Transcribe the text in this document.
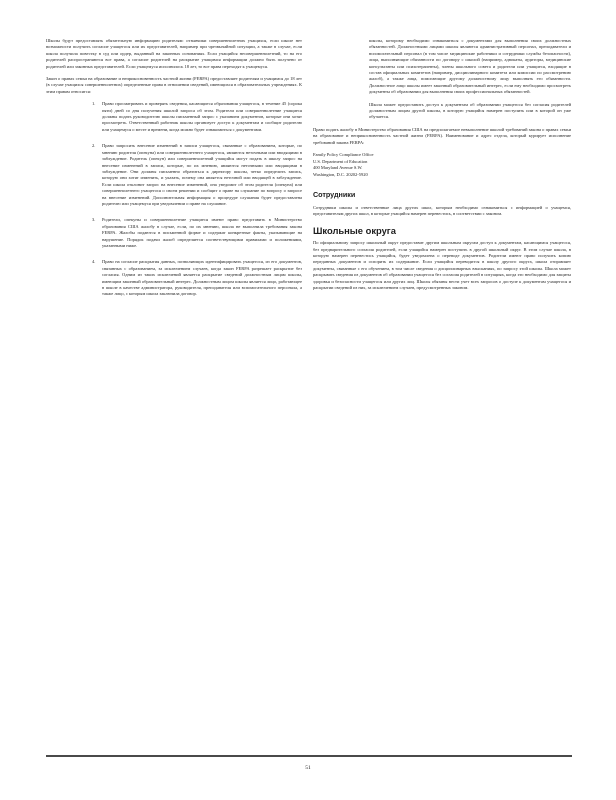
Школы будут предоставлять обязательную информацию родителям: отзывчики совершеннолетних учащихся, если школе нет возможности получить согласие учащегося или их представителей, например при чрезвычайной ситуации, а также в случае, если школа получила повестку в суд или ордер, выданный на законных основаниях. Если учащийся несовершеннолетний, то на его родителей распространяются все права, а согласие родителей на раскрытие учащимся информации должно быть получено от родителей или законных представителей. Если учащемуся исполнилось 18 лет, то все права переходят к учащемуся.

Закон о правах семьи на образование и неприкосновенность частной жизни (FERPA) предоставляет родителям и учащимся до 18 лет (в случае учащихся совершеннолетних) определенные права в отношении сведений, имеющихся в образовательных учреждениях. К этим правам относятся:

1. Право просматривать и проверять сведения, касающиеся образования учащегося, в течение 45 (сорока пяти) дней со дня получения школой запроса об этом. Родители или совершеннолетние учащиеся должны подать руководителю школы письменный запрос с указанием документов, которые они хотят просмотреть. Ответственный работник школы организует доступ к документам и сообщит родителю или учащемуся о месте и времени, когда можно будет ознакомиться с документами.
2. Право запросить внесение изменений в записи учащегося, связанные с образованием, которые, по мнению родителя (опекуна) или совершеннолетнего учащегося, являются неточными или вводящими в заблуждение. Родитель (опекун) или совершеннолетний учащийся могут подать в школу запрос на внесение изменений в записи, которые, по их мнению, являются неточными или вводящими в заблуждение. Они должны письменно обратиться к директору школы, четко определить запись, которую они хотят изменить, и указать, почему она является неточной или вводящей в заблуждение. Если школа отклонит запрос на внесение изменений, она уведомит об этом родителя (опекуна) или совершеннолетнего учащегося о своем решении и сообщит о праве на слушание по вопросу о запросе на внесение изменений. Дополнительная информация о процедуре слушания будет предоставлена родителю или учащемуся при уведомлении о праве на слушание.
3. Родители, опекуны и совершеннолетние учащиеся имеют право представить в Министерство образования США жалобу в случае, если, по их мнению, школа не выполнила требования закона FERPA. Жалобы подаются в письменной форме и содержат конкретные факты, указывающие на нарушение. Порядок подачи жалоб определяется соответствующими правилами и положениями, указанными ниже.
4. Право на согласие раскрытия данных, позволяющих идентифицировать учащегося, из его документов, связанных с образованием, за исключением случаев, когда закон FERPA разрешает раскрытие без согласия. Одним из таких исключений является раскрытие сведений должностным лицам школы, имеющим законный образовательный интерес. Должностным лицом школы является лицо, работающее в школе в качестве администратора, руководителя, преподавателя или вспомогательного персонала, а также лицо, с которым школа заключила договор.

школы, которому необходимо ознакомиться с документами для выполнения своих должностных обязанностей. Должностными лицами школы являются административный персонал, преподаватели и вспомогательный персонал (в том числе медицинские работники и сотрудники службы безопасности), лица, выполняющие обязанности по договору с школой (например, адвокаты, аудиторы, медицинские консультанты или психотерапевты), члены школьного совета и родители или учащиеся, входящие в состав официальных комитетов (например, дисциплинарного комитета или комиссии по рассмотрению жалоб), а также лица, помогающие другому должностному лицу выполнять его обязанности. Должностное лицо школы имеет законный образовательный интерес, если ему необходимо просмотреть документы об образовании для выполнения своих профессиональных обязанностей.

Школа может предоставить доступ к документам об образовании учащегося без согласия родителей должностным лицам другой школы, в которую учащийся намерен поступить или в которой он уже обучается.

Право подать жалобу в Министерство образования США на предполагаемое невыполнение школой требований закона о правах семьи на образование и неприкосновенность частной жизни (FERPA). Наименование и адрес отдела, который курирует исполнение требований закона FERPA:

Family Policy Compliance Office
U.S. Department of Education
400 Maryland Avenue S.W.
Washington, D.C. 20202-5920
Сотрудники

Сотрудники школы и ответственные лица других школ, которым необходимо ознакомиться с информацией о учащемся, представителям других школ, в которые учащийся намерен перевестись, в соответствии с законом.

Школьные округа

По официальному запросу школьный округ предоставит другим школьным округам доступ к документам, касающимся учащегося, без предварительного согласия родителей, если учащийся намерен поступить в другой школьный округ. В этом случае школа, в которую намерен перевестись учащийся, будет уведомлена о переводе документов. Родители имеют право получить копию переданных документов и оспорить их содержание. Если учащийся переводится в школу другого округа, школа отправляет документы, связанные с его обучением, в том числе сведения о дисциплинарных взысканиях, по запросу этой школы. Школа может раскрывать сведения из документов об образовании учащегося без согласия родителей в ситуациях, когда это необходимо для защиты здоровья и безопасности учащегося или других лиц. Школы обязаны вести учет всех запросов о доступе к документам учащегося и раскрытии сведений из них, за исключением случаев, предусмотренных законом.

51
